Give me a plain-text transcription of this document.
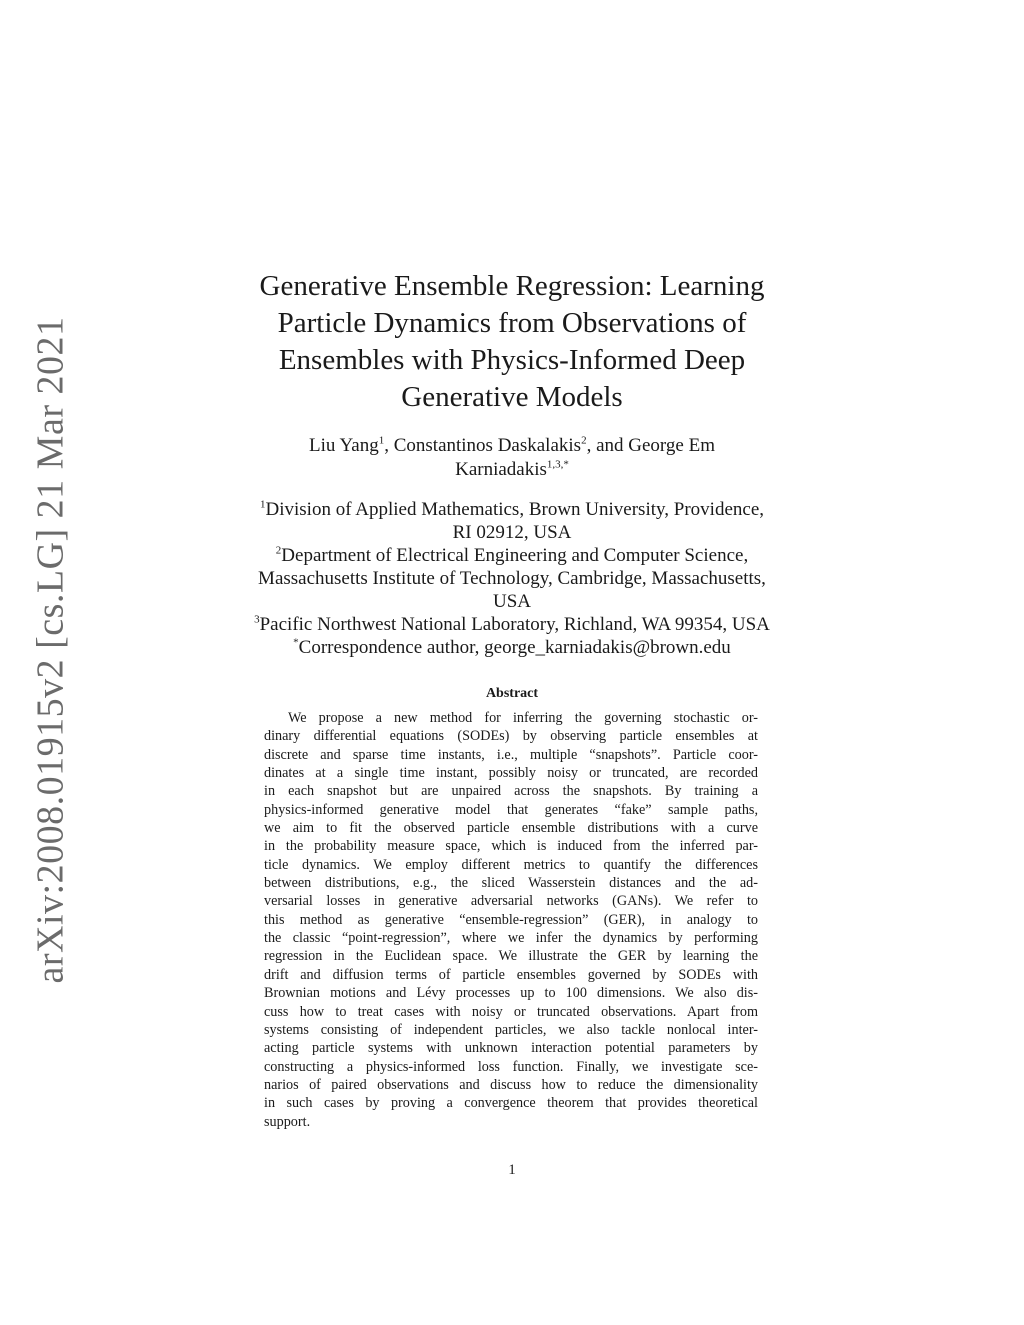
arXiv:2008.01915v2 [cs.LG] 21 Mar 2021
Generative Ensemble Regression: Learning
Particle Dynamics from Observations of
Ensembles with Physics-Informed Deep
Generative Models
Liu Yang$^1$, Constantinos Daskalakis$^2$, and George Em
Karniadakis$^{1,3,*}$
$^1$Division of Applied Mathematics, Brown University, Providence,
RI 02912, USA
$^2$Department of Electrical Engineering and Computer Science,
Massachusetts Institute of Technology, Cambridge, Massachusetts,
USA
$^3$Pacific Northwest National Laboratory, Richland, WA 99354, USA
*Correspondence author, george_karniadakis@brown.edu
Abstract
We propose a new method for inferring the governing stochastic or-
dinary differential equations (SODEs) by observing particle ensembles at
discrete and sparse time instants, i.e., multiple “snapshots”. Particle coor-
dinates at a single time instant, possibly noisy or truncated, are recorded
in each snapshot but are unpaired across the snapshots. By training a
physics-informed generative model that generates “fake” sample paths,
we aim to fit the observed particle ensemble distributions with a curve
in the probability measure space, which is induced from the inferred par-
ticle dynamics. We employ different metrics to quantify the differences
between distributions, e.g., the sliced Wasserstein distances and the ad-
versarial losses in generative adversarial networks (GANs). We refer to
this method as generative “ensemble-regression” (GER), in analogy to
the classic “point-regression”, where we infer the dynamics by performing
regression in the Euclidean space. We illustrate the GER by learning the
drift and diffusion terms of particle ensembles governed by SODEs with
Brownian motions and Lévy processes up to 100 dimensions. We also dis-
cuss how to treat cases with noisy or truncated observations. Apart from
systems consisting of independent particles, we also tackle nonlocal inter-
acting particle systems with unknown interaction potential parameters by
constructing a physics-informed loss function. Finally, we investigate sce-
narios of paired observations and discuss how to reduce the dimensionality
in such cases by proving a convergence theorem that provides theoretical
support.
1
